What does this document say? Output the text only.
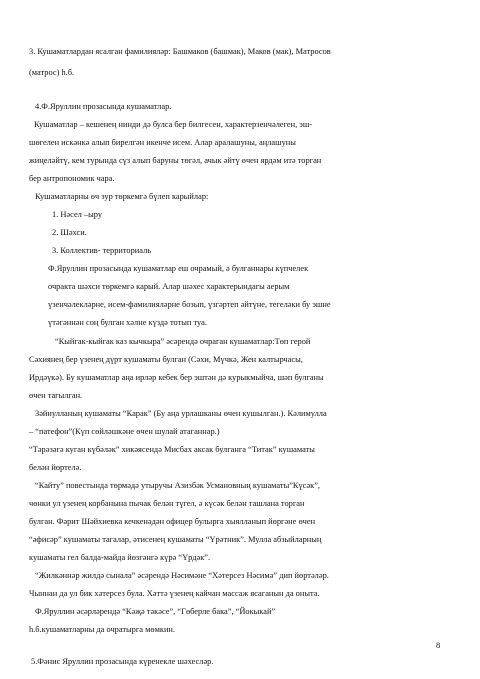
3. Кушаматлардан ясалган фамилияләр: Башмаков (башмак), Маков (мак), Матросов
(матрос) h.б.
4.Ф.Яруллин прозасында кушаматлар.
Кушаматлар – кешенең нинди дә булса бер билгесен, характерзенчәлеген, эш-
шөгелен искәнкә алып бирелгән икенче исем. Алар аралашуны, аңлашуны
жиңеләйтү, кем турында сүз алып баруны төгәл, ачык әйтү өчен ярдәм итә торган
бер антропономик чара.
Кушаматларны өч зур төркемгә бүлеп карыйлар:
1. Нәсел –ыру
2. Шәхси.
3. Коллектив- территориаль
Ф.Яруллин прозасында кушаматлар еш очрамый, ә булганнары күпчелек
очракта шәхси төркемгә карый. Алар шәхес характерындагы аерым
үзенчәлекләрне, исем-фамилияләрне бозып, үзгәртеп әйтүне, тегеләки бу эшне
үтәгәннән соң булган хәлне күздә тотып туа.
“Кыйгак-кыйгак каз кычкыра” әсәрендә очраган кушаматлар:Төп герой
Сәхиянең бер үзенең дүрт кушаматы булган (Сәхи, Мүчкә, Жен калтырчасы,
Ирдәүкә). Бу кушаматлар аңа ирләр кебек бер эштән дә курыкмыйча, шәп булганы
өчен тагылган.
Зәйнулланың кушаматы “Карак” (Бу аңа урлашканы өчен кушылган.). Кәлимулла
– “патефон”(Күп сөйләшкәне өчен шулай атаганнар.)
“Тәрәзәгә куган күбәләк” хикәясендә Мисбах аксак булганга “Титак” кушаматы
белән йөртелә.
“Кайту” повестында төрмәдә утыручы Азизбәк Усмановның кушаматы”Күсәк”,
чөнки ул үзенең корбанына пычак белән түгел, ә күсәк белән ташлана торган
булган. Фәрит Шәйхиевка кечкенәдән офицер булырга хыялланып йөргәне өчен
“әфисәр” кушаматы тагалар, әтисенең кушаматы “Үрәтник”. Мулла абзыйларның
кушаматы гел балда-майда йөзгәнгә күрә “Үрдәк”.
“Жилкәннәр жилдә сынала” әсәрендә Нәсимәне “Хәтерсез Нәсимә” дип йөртәләр.
Чыннан да ул бик хәтерсез була. Хәттә үзенең кайчан массаж ясаганын да оныта.
Ф.Яруллин әсәрләрендә “Кәҗә тәкәсе”, “Гөберле бака”, “Йокыкай”
h.б.кушаматларны да очратырга мөмкин.
5.Фәнис Яруллин прозасында күренекле шәхесләр.
8
